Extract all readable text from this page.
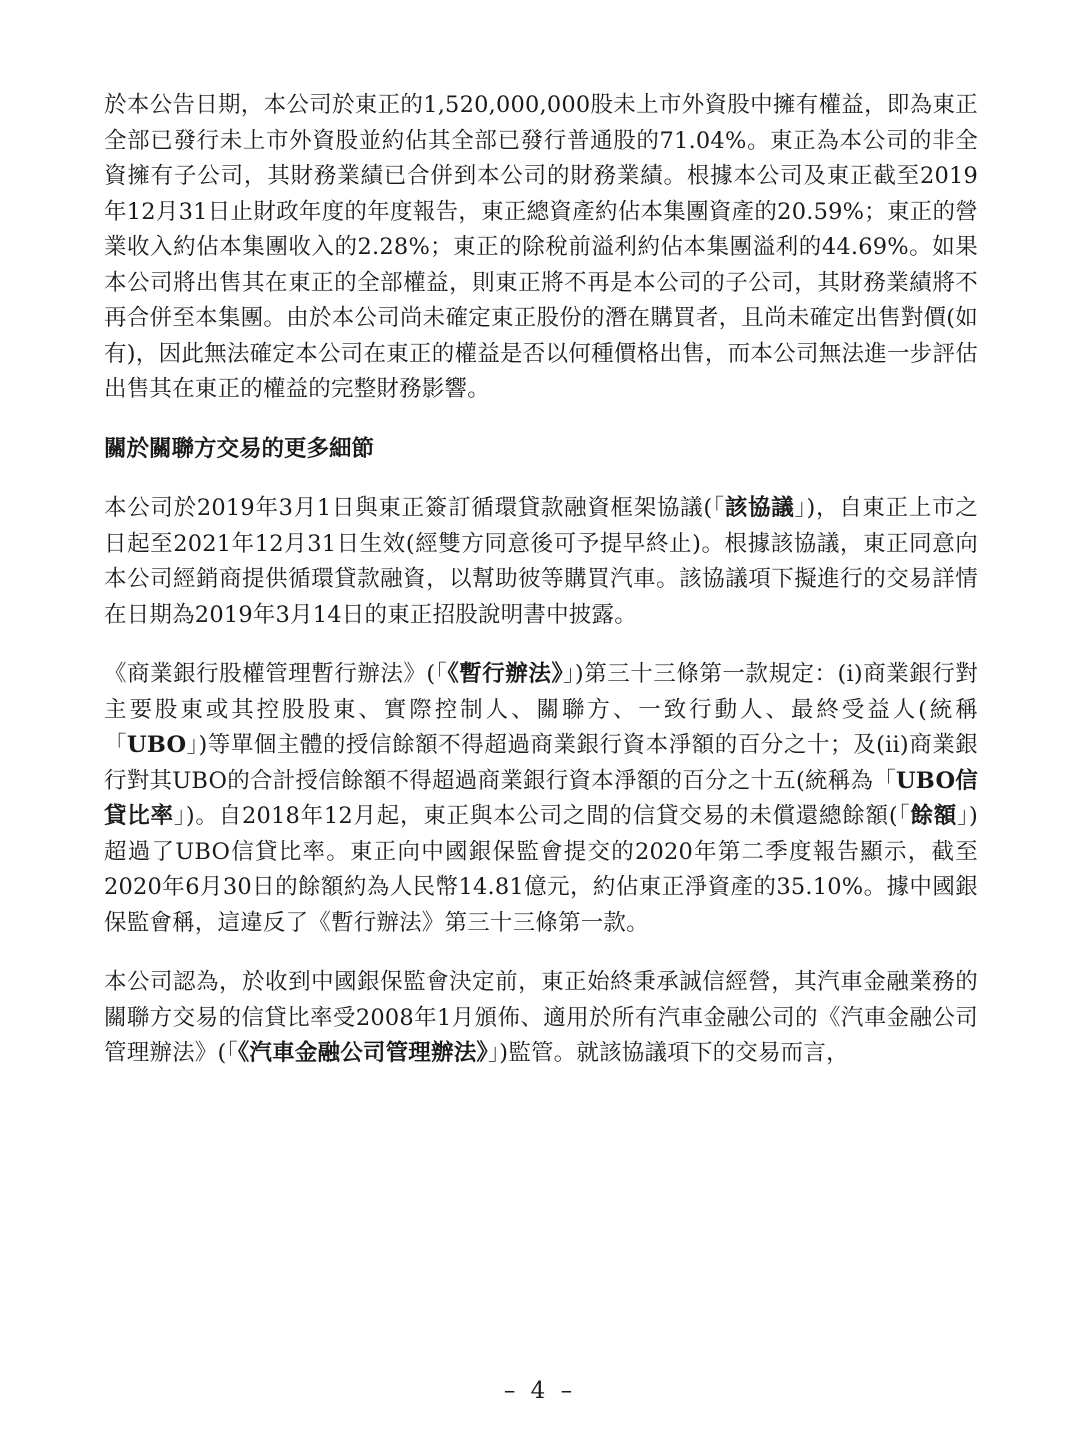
於本公告日期，本公司於東正的1,520,000,000股未上市外資股中擁有權益，即為東正全部已發行未上市外資股並約佔其全部已發行普通股的71.04%。東正為本公司的非全資擁有子公司，其財務業績已合併到本公司的財務業績。根據本公司及東正截至2019年12月31日止財政年度的年度報告，東正總資產約佔本集團資產的20.59%；東正的營業收入約佔本集團收入的2.28%；東正的除稅前溢利約佔本集團溢利的44.69%。如果本公司將出售其在東正的全部權益，則東正將不再是本公司的子公司，其財務業績將不再合併至本集團。由於本公司尚未確定東正股份的潛在購買者，且尚未確定出售對價(如有)，因此無法確定本公司在東正的權益是否以何種價格出售，而本公司無法進一步評估出售其在東正的權益的完整財務影響。

關於關聯方交易的更多細節

本公司於2019年3月1日與東正簽訂循環貸款融資框架協議(「該協議」)，自東正上市之日起至2021年12月31日生效(經雙方同意後可予提早終止)。根據該協議，東正同意向本公司經銷商提供循環貸款融資，以幫助彼等購買汽車。該協議項下擬進行的交易詳情在日期為2019年3月14日的東正招股說明書中披露。

《商業銀行股權管理暫行辦法》(「《暫行辦法》」)第三十三條第一款規定：(i)商業銀行對主要股東或其控股股東、實際控制人、關聯方、一致行動人、最終受益人(統稱「UBO」)等單個主體的授信餘額不得超過商業銀行資本淨額的百分之十；及(ii)商業銀行對其UBO的合計授信餘額不得超過商業銀行資本淨額的百分之十五(統稱為「UBO信貸比率」)。自2018年12月起，東正與本公司之間的信貸交易的未償還總餘額(「餘額」)超過了UBO信貸比率。東正向中國銀保監會提交的2020年第二季度報告顯示，截至2020年6月30日的餘額約為人民幣14.81億元，約佔東正淨資產的35.10%。據中國銀保監會稱，這違反了《暫行辦法》第三十三條第一款。

本公司認為，於收到中國銀保監會決定前，東正始終秉承誠信經營，其汽車金融業務的關聯方交易的信貸比率受2008年1月頒佈、適用於所有汽車金融公司的《汽車金融公司管理辦法》(「《汽車金融公司管理辦法》」)監管。就該協議項下的交易而言，

– 4 –
